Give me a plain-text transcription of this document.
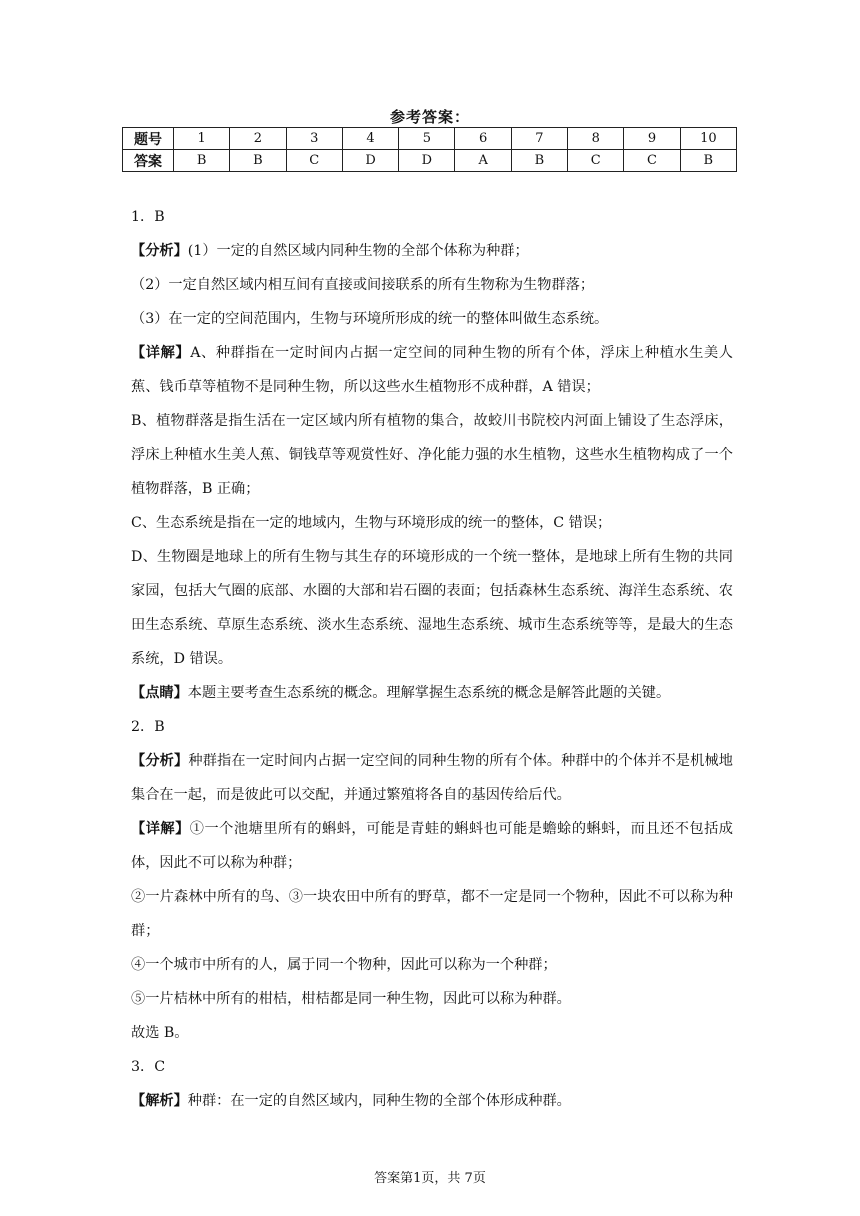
参考答案：
题号	1	2	3	4	5	6	7	8	9	10
答案	B	B	C	D	D	A	B	C	C	B

1．B

【分析】(1）一定的自然区域内同种生物的全部个体称为种群；

（2）一定自然区域内相互间有直接或间接联系的所有生物称为生物群落；

（3）在一定的空间范围内，生物与环境所形成的统一的整体叫做生态系统。

【详解】A、种群指在一定时间内占据一定空间的同种生物的所有个体，浮床上种植水生美人蕉、钱币草等植物不是同种生物，所以这些水生植物形不成种群，A 错误；

B、植物群落是指生活在一定区域内所有植物的集合，故蛟川书院校内河面上铺设了生态浮床，浮床上种植水生美人蕉、铜钱草等观赏性好、净化能力强的水生植物，这些水生植物构成了一个植物群落，B 正确；

C、生态系统是指在一定的地域内，生物与环境形成的统一的整体，C 错误；

D、生物圈是地球上的所有生物与其生存的环境形成的一个统一整体，是地球上所有生物的共同家园，包括大气圈的底部、水圈的大部和岩石圈的表面；包括森林生态系统、海洋生态系统、农田生态系统、草原生态系统、淡水生态系统、湿地生态系统、城市生态系统等等，是最大的生态系统，D 错误。

【点睛】本题主要考查生态系统的概念。理解掌握生态系统的概念是解答此题的关键。

2．B

【分析】种群指在一定时间内占据一定空间的同种生物的所有个体。种群中的个体并不是机械地集合在一起，而是彼此可以交配，并通过繁殖将各自的基因传给后代。

【详解】①一个池塘里所有的蝌蚪，可能是青蛙的蝌蚪也可能是蟾蜍的蝌蚪，而且还不包括成体，因此不可以称为种群；

②一片森林中所有的鸟、③一块农田中所有的野草，都不一定是同一个物种，因此不可以称为种群；

④一个城市中所有的人，属于同一个物种，因此可以称为一个种群；

⑤一片桔林中所有的柑桔，柑桔都是同一种生物，因此可以称为种群。

故选 B。

3．C

【解析】种群：在一定的自然区域内，同种生物的全部个体形成种群。

答案第1页，共 7页
